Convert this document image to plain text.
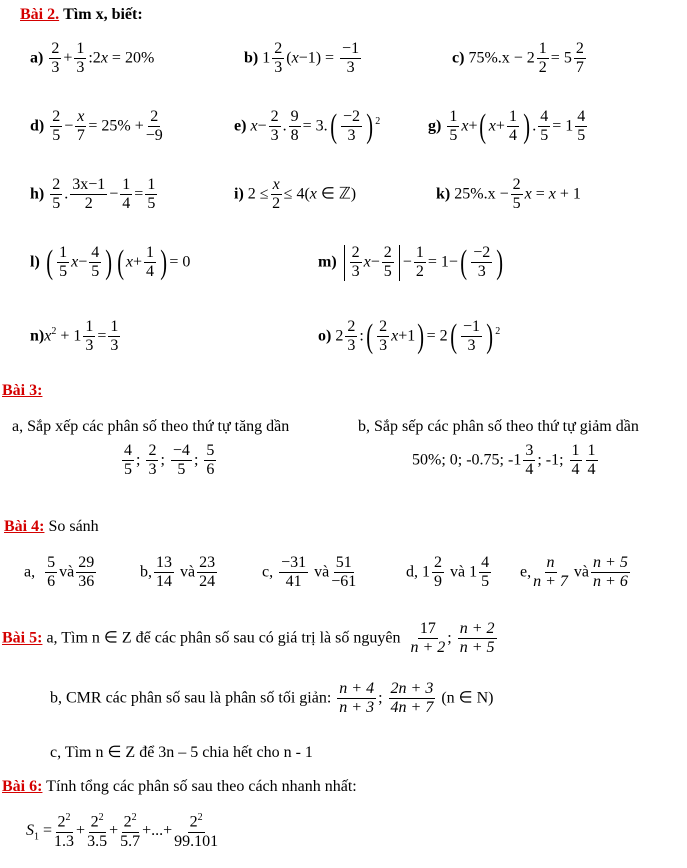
Bài 2. Tìm x, biết:
$a) \frac{2}{3} + \frac{1}{3}$ :2x = 20%	b) $1 \frac{2}{3} (x-1) = \frac{-1}{3}$	c) $75\%.x - 2 \frac{1}{2} = 5 \frac{2}{7}$
$d) \frac{2}{5} - \frac{x}{7} = 25\% + \frac{2}{-9}$	e) $x- \frac{2}{3}$ . $\frac{9}{8} = 3.( \frac{-2}{3}$ ) $^2$	$g) \frac{1}{5} x+$( $x+ \frac{1}{4}$ ) . $\frac{4}{5} = 1 \frac{4}{5}$
$h) \frac{2}{5}$ . $\frac{3x-1}{2} - \frac{1}{4} = \frac{1}{5}$	i) $2 \le \frac{x}{2} \le 4(x$ ∈ ℤ)	k) $25\%.x - \frac{2}{5}$ x = x + 1
l) ( $\frac{1}{5} x- \frac{4}{5}$ ) ( $x+ \frac{1}{4}$ ) = 0	$m) \frac{2}{3} x- \frac{2}{5} - \frac{1}{2} = 1-( \frac{-2}{3}$ )
$n)x^2 + 1 \frac{1}{3} = \frac{1}{3}$	o) $2 \frac{2}{3}$ :( $\frac{2}{3} x+1) = 2( \frac{-1}{3}$ ) $^2$
Bài 3:
a, Sắp xếp các phân số theo thứ tự tăng dần	b, Sắp sếp các phân số theo thứ tự giảm dần
$\frac{4}{5}$ ; $\frac{2}{3}$ ; $\frac{-4}{5}$ ; $\frac{5}{6}$	50%; 0; -0.75; $-1 \frac{3}{4}$ ; -1; $\frac{1}{4} \frac{1}{4}$
Bài 4: So sánh
a, $\frac{5}{6}$ và $\frac{29}{36}$	b, $\frac{13}{14}$ và $\frac{23}{24}$	c, $\frac{-31}{41}$ và $\frac{51}{-61}$	d, $1 \frac{2}{9}$ và $1 \frac{4}{5} e$, $\frac{n}{n + 7}$ và $\frac{n + 5}{n + 6}$
Bài 5: a, Tìm n ∈ Z để các phân số sau có giá trị là số nguyên $\frac{17}{n + 2}$ ; $\frac{n + 2}{n + 5}$
b, CMR các phân số sau là phân số tối giản: $\frac{n + 4}{n + 3}$ ; $\frac{2n + 3}{4n + 7} (n$ ∈ N)
c, Tìm n ∈ Z để 3n – 5 chia hết cho n - 1
Bài 6: Tính tổng các phân số sau theo cách nhanh nhất:
$S_1 = \frac{2^2}{1.3} + \frac{2^2}{3.5} + \frac{2^2}{5.7}$ +...+ $\frac{2^2}{99.101}$
